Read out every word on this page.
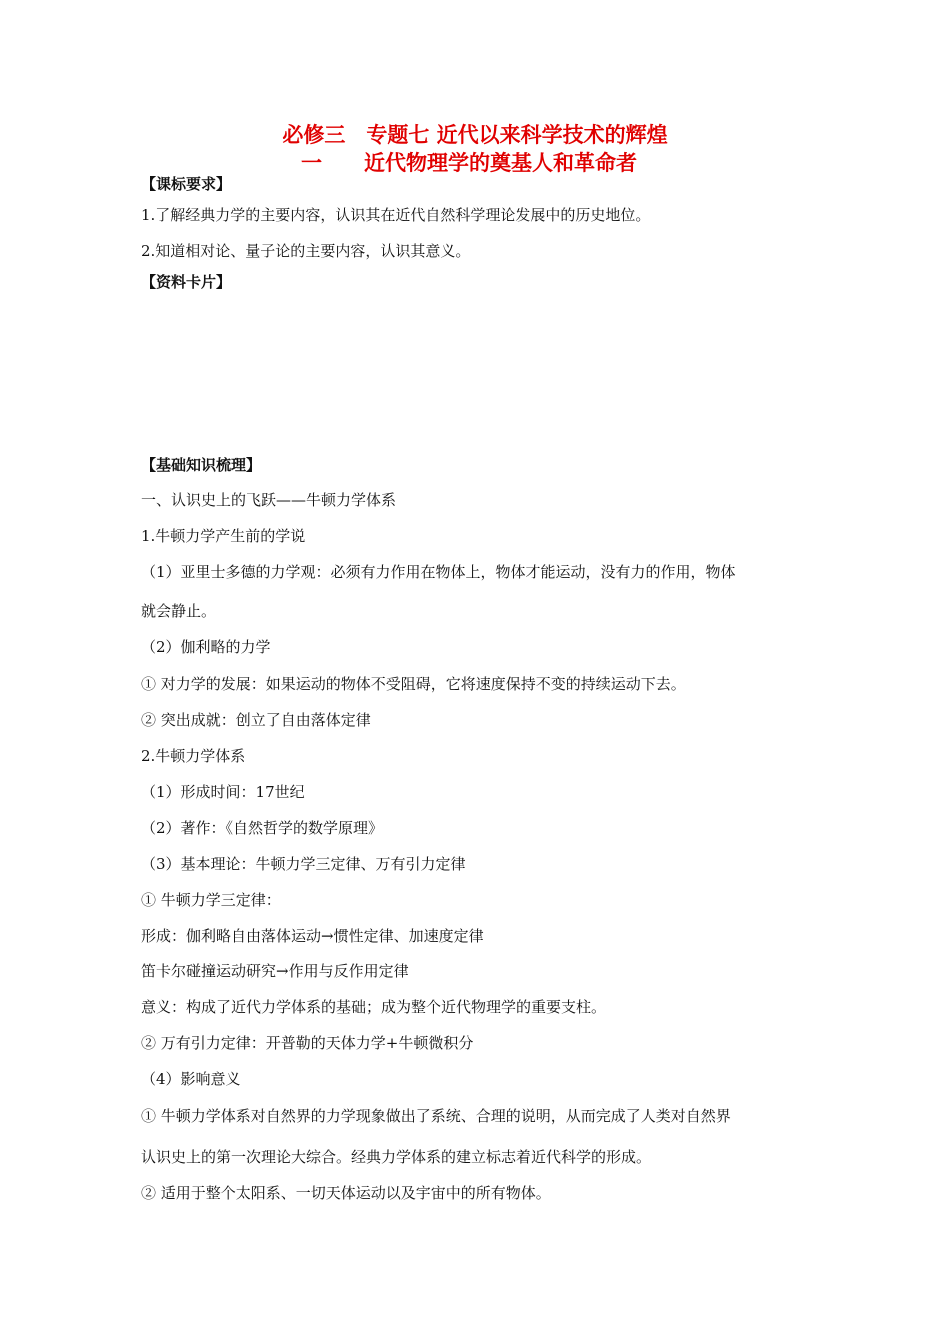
必修三　专题七 近代以来科学技术的辉煌
一　　近代物理学的奠基人和革命者
【课标要求】
1.了解经典力学的主要内容，认识其在近代自然科学理论发展中的历史地位。
2.知道相对论、量子论的主要内容，认识其意义。
【资料卡片】
【基础知识梳理】
一、认识史上的飞跃——牛顿力学体系
1.牛顿力学产生前的学说
（1）亚里士多德的力学观：必须有力作用在物体上，物体才能运动，没有力的作用，物体
就会静止。
（2）伽利略的力学
① 对力学的发展：如果运动的物体不受阻碍，它将速度保持不变的持续运动下去。
② 突出成就：创立了自由落体定律
2.牛顿力学体系
（1）形成时间：17世纪
（2）著作：《自然哲学的数学原理》
（3）基本理论：牛顿力学三定律、万有引力定律
① 牛顿力学三定律：
形成：伽利略自由落体运动→惯性定律、加速度定律
笛卡尔碰撞运动研究→作用与反作用定律
意义：构成了近代力学体系的基础；成为整个近代物理学的重要支柱。
② 万有引力定律：开普勒的天体力学+牛顿微积分
（4）影响意义
① 牛顿力学体系对自然界的力学现象做出了系统、合理的说明，从而完成了人类对自然界
认识史上的第一次理论大综合。经典力学体系的建立标志着近代科学的形成。
② 适用于整个太阳系、一切天体运动以及宇宙中的所有物体。
